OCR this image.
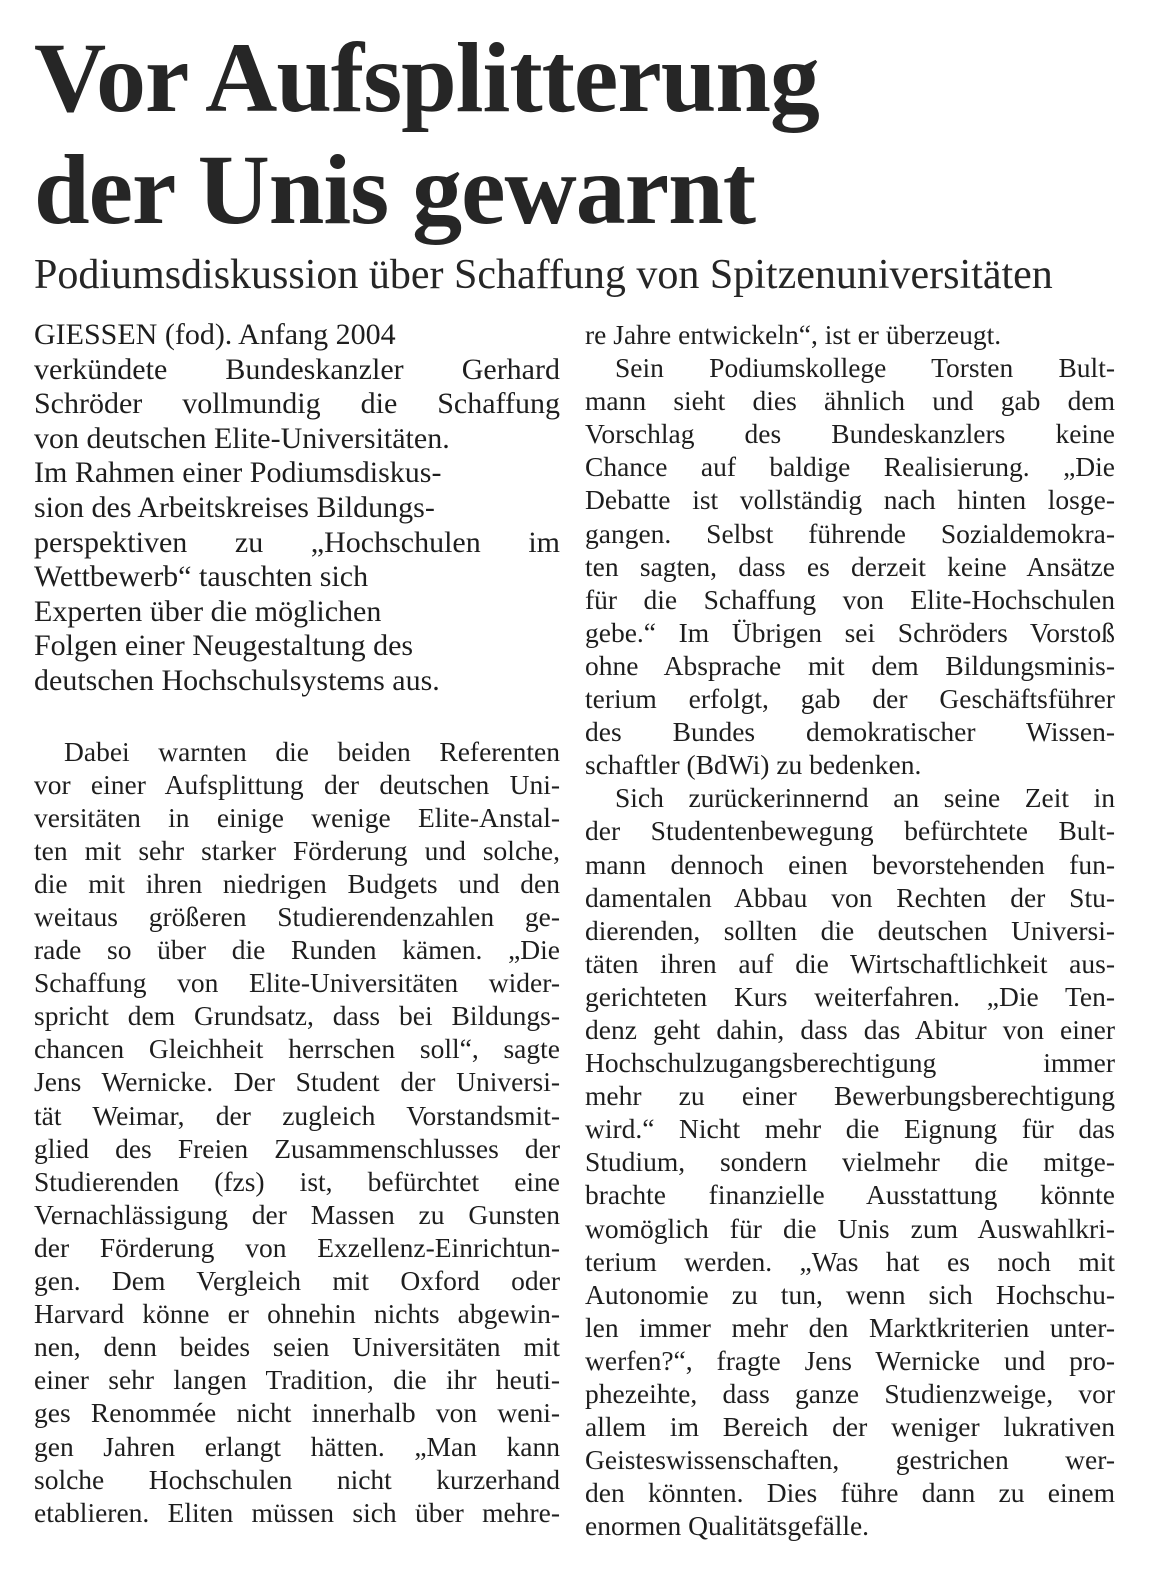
Vor Aufsplitterung
der Unis gewarnt
Podiumsdiskussion über Schaffung von Spitzenuniversitäten

GIESSEN (fod). Anfang 2004
verkündete Bundeskanzler Gerhard
Schröder vollmundig die Schaffung
von deutschen Elite-Universitäten.
Im Rahmen einer Podiumsdiskus-
sion des Arbeitskreises Bildungs-
perspektiven zu „Hochschulen im
Wettbewerb“ tauschten sich
Experten über die möglichen
Folgen einer Neugestaltung des
deutschen Hochschulsystems aus.

Dabei warnten die beiden Referenten
vor einer Aufsplittung der deutschen Uni-
versitäten in einige wenige Elite-Anstal-
ten mit sehr starker Förderung und solche,
die mit ihren niedrigen Budgets und den
weitaus größeren Studierendenzahlen ge-
rade so über die Runden kämen. „Die
Schaffung von Elite-Universitäten wider-
spricht dem Grundsatz, dass bei Bildungs-
chancen Gleichheit herrschen soll“, sagte
Jens Wernicke. Der Student der Universi-
tät Weimar, der zugleich Vorstandsmit-
glied des Freien Zusammenschlusses der
Studierenden (fzs) ist, befürchtet eine
Vernachlässigung der Massen zu Gunsten
der Förderung von Exzellenz-Einrichtun-
gen. Dem Vergleich mit Oxford oder
Harvard könne er ohnehin nichts abgewin-
nen, denn beides seien Universitäten mit
einer sehr langen Tradition, die ihr heuti-
ges Renommée nicht innerhalb von weni-
gen Jahren erlangt hätten. „Man kann
solche Hochschulen nicht kurzerhand
etablieren. Eliten müssen sich über mehre-

re Jahre entwickeln“, ist er überzeugt.

Sein Podiumskollege Torsten Bult-
mann sieht dies ähnlich und gab dem
Vorschlag des Bundeskanzlers keine
Chance auf baldige Realisierung. „Die
Debatte ist vollständig nach hinten losge-
gangen. Selbst führende Sozialdemokra-
ten sagten, dass es derzeit keine Ansätze
für die Schaffung von Elite-Hochschulen
gebe.“ Im Übrigen sei Schröders Vorstoß
ohne Absprache mit dem Bildungsminis-
terium erfolgt, gab der Geschäftsführer
des Bundes demokratischer Wissen-
schaftler (BdWi) zu bedenken.

Sich zurückerinnernd an seine Zeit in
der Studentenbewegung befürchtete Bult-
mann dennoch einen bevorstehenden fun-
damentalen Abbau von Rechten der Stu-
dierenden, sollten die deutschen Universi-
täten ihren auf die Wirtschaftlichkeit aus-
gerichteten Kurs weiterfahren. „Die Ten-
denz geht dahin, dass das Abitur von einer
Hochschulzugangsberechtigung immer
mehr zu einer Bewerbungsberechtigung
wird.“ Nicht mehr die Eignung für das
Studium, sondern vielmehr die mitge-
brachte finanzielle Ausstattung könnte
womöglich für die Unis zum Auswahlkri-
terium werden. „Was hat es noch mit
Autonomie zu tun, wenn sich Hochschu-
len immer mehr den Marktkriterien unter-
werfen?“, fragte Jens Wernicke und pro-
phezeihte, dass ganze Studienzweige, vor
allem im Bereich der weniger lukrativen
Geisteswissenschaften, gestrichen wer-
den könnten. Dies führe dann zu einem
enormen Qualitätsgefälle.
